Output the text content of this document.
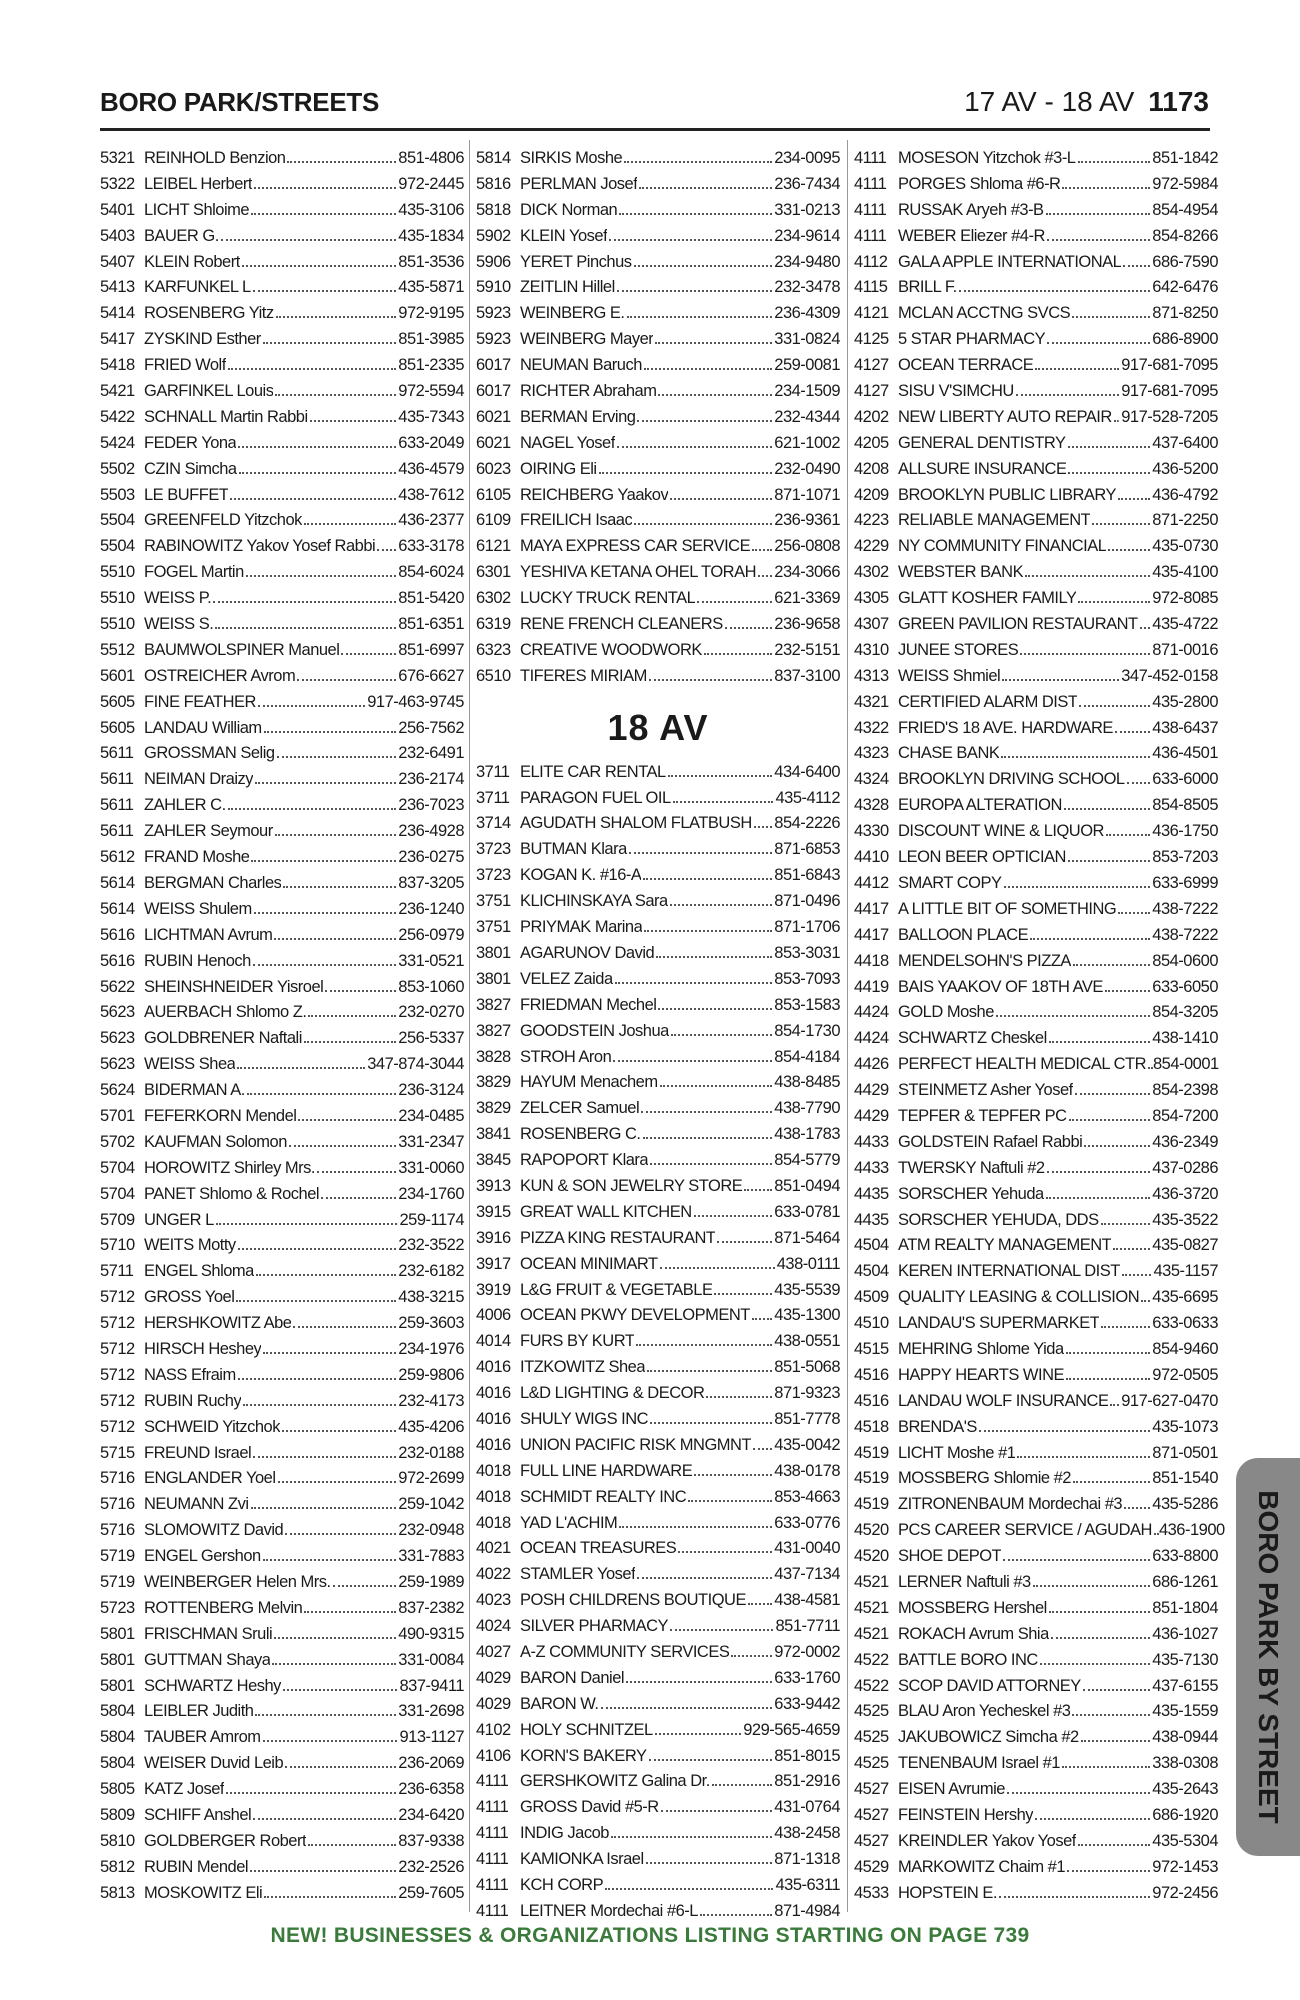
BORO PARK/STREETS	17 AV - 18 AV 1173
5321 REINHOLD Benzion	851-4806
5322 LEIBEL Herbert	972-2445
5401 LICHT Shloime	435-3106
5403 BAUER G.	435-1834
5407 KLEIN Robert	851-3536
5413 KARFUNKEL L	435-5871
5414 ROSENBERG Yitz	972-9195
5417 ZYSKIND Esther	851-3985
5418 FRIED Wolf	851-2335
5421 GARFINKEL Louis	972-5594
5422 SCHNALL Martin Rabbi	435-7343
5424 FEDER Yona	633-2049
5502 CZIN Simcha	436-4579
5503 LE BUFFET	438-7612
5504 GREENFELD Yitzchok	436-2377
5504 RABINOWITZ Yakov Yosef Rabbi 633-3178
5510 FOGEL Martin	854-6024
5510 WEISS P.	851-5420
5510 WEISS S.	851-6351
5512 BAUMWOLSPINER Manuel	851-6997
5601 OSTREICHER Avrom	676-6627
5605 FINE FEATHER	917-463-9745
5605 LANDAU William	256-7562
5611 GROSSMAN Selig	232-6491
5611 NEIMAN Draizy	236-2174
5611 ZAHLER C.	236-7023
5611 ZAHLER Seymour	236-4928
5612 FRAND Moshe	236-0275
5614 BERGMAN Charles	837-3205
5614 WEISS Shulem	236-1240
5616 LICHTMAN Avrum	256-0979
5616 RUBIN Henoch	331-0521
5622 SHEINSHNEIDER Yisroel	853-1060
5623 AUERBACH Shlomo Z.	232-0270
5623 GOLDBRENER Naftali	256-5337
5623 WEISS Shea	347-874-3044
5624 BIDERMAN A.	236-3124
5701 FEFERKORN Mendel	234-0485
5702 KAUFMAN Solomon	331-2347
5704 HOROWITZ Shirley Mrs.	331-0060
5704 PANET Shlomo & Rochel	234-1760
5709 UNGER L	259-1174
5710 WEITS Motty	232-3522
5711 ENGEL Shloma	232-6182
5712 GROSS Yoel	438-3215
5712 HERSHKOWITZ Abe	259-3603
5712 HIRSCH Heshey	234-1976
5712 NASS Efraim	259-9806
5712 RUBIN Ruchy	232-4173
5712 SCHWEID Yitzchok	435-4206
5715 FREUND Israel	232-0188
5716 ENGLANDER Yoel	972-2699
5716 NEUMANN Zvi	259-1042
5716 SLOMOWITZ David	232-0948
5719 ENGEL Gershon	331-7883
5719 WEINBERGER Helen Mrs.	259-1989
5723 ROTTENBERG Melvin	837-2382
5801 FRISCHMAN Sruli	490-9315
5801 GUTTMAN Shaya	331-0084
5801 SCHWARTZ Heshy	837-9411
5804 LEIBLER Judith	331-2698
5804 TAUBER Amrom	913-1127
5804 WEISER Duvid Leib	236-2069
5805 KATZ Josef	236-6358
5809 SCHIFF Anshel	234-6420
5810 GOLDBERGER Robert	837-9338
5812 RUBIN Mendel	232-2526
5813 MOSKOWITZ Eli	259-7605
5814 SIRKIS Moshe	234-0095
5816 PERLMAN Josef	236-7434
5818 DICK Norman	331-0213
5902 KLEIN Yosef	234-9614
5906 YERET Pinchus	234-9480
5910 ZEITLIN Hillel	232-3478
5923 WEINBERG E.	236-4309
5923 WEINBERG Mayer	331-0824
6017 NEUMAN Baruch	259-0081
6017 RICHTER Abraham	234-1509
6021 BERMAN Erving	232-4344
6021 NAGEL Yosef	621-1002
6023 OIRING Eli	232-0490
6105 REICHBERG Yaakov	871-1071
6109 FREILICH Isaac	236-9361
6121 MAYA EXPRESS CAR SERVICE 256-0808
6301 YESHIVA KETANA OHEL TORAH 234-3066
6302 LUCKY TRUCK RENTAL	621-3369
6319 RENE FRENCH CLEANERS	236-9658
6323 CREATIVE WOODWORK	232-5151
6510 TIFERES MIRIAM	837-3100
18 AV
3711 ELITE CAR RENTAL	434-6400
3711 PARAGON FUEL OIL	435-4112
3714 AGUDATH SHALOM FLATBUSH 854-2226
3723 BUTMAN Klara	871-6853
3723 KOGAN K. #16-A	851-6843
3751 KLICHINSKAYA Sara	871-0496
3751 PRIYMAK Marina	871-1706
3801 AGARUNOV David	853-3031
3801 VELEZ Zaida	853-7093
3827 FRIEDMAN Mechel	853-1583
3827 GOODSTEIN Joshua	854-1730
3828 STROH Aron	854-4184
3829 HAYUM Menachem	438-8485
3829 ZELCER Samuel	438-7790
3841 ROSENBERG C.	438-1783
3845 RAPOPORT Klara	854-5779
3913 KUN & SON JEWELRY STORE 851-0494
3915 GREAT WALL KITCHEN	633-0781
3916 PIZZA KING RESTAURANT	871-5464
3917 OCEAN MINIMART	438-0111
3919 L&G FRUIT & VEGETABLE	435-5539
4006 OCEAN PKWY DEVELOPMENT 435-1300
4014 FURS BY KURT	438-0551
4016 ITZKOWITZ Shea	851-5068
4016 L&D LIGHTING & DECOR	871-9323
4016 SHULY WIGS INC	851-7778
4016 UNION PACIFIC RISK MNGMNT 435-0042
4018 FULL LINE HARDWARE	438-0178
4018 SCHMIDT REALTY INC	853-4663
4018 YAD L'ACHIM	633-0776
4021 OCEAN TREASURES	431-0040
4022 STAMLER Yosef	437-7134
4023 POSH CHILDRENS BOUTIQUE 438-4581
4024 SILVER PHARMACY	851-7711
4027 A-Z COMMUNITY SERVICES	972-0002
4029 BARON Daniel	633-1760
4029 BARON W.	633-9442
4102 HOLY SCHNITZEL	929-565-4659
4106 KORN'S BAKERY	851-8015
4111 GERSHKOWITZ Galina Dr.	851-2916
4111 GROSS David #5-R	431-0764
4111 INDIG Jacob	438-2458
4111 KAMIONKA Israel	871-1318
4111 KCH CORP	435-6311
4111 LEITNER Mordechai #6-L	871-4984
4111 MOSESON Yitzchok #3-L	851-1842
4111 PORGES Shloma #6-R	972-5984
4111 RUSSAK Aryeh #3-B	854-4954
4111 WEBER Eliezer #4-R	854-8266
4112 GALA APPLE INTERNATIONAL 686-7590
4115 BRILL F.	642-6476
4121 MCLAN ACCTNG SVCS	871-8250
4125 5 STAR PHARMACY	686-8900
4127 OCEAN TERRACE	917-681-7095
4127 SISU V'SIMCHU	917-681-7095
4202 NEW LIBERTY AUTO REPAIR 917-528-7205
4205 GENERAL DENTISTRY	437-6400
4208 ALLSURE INSURANCE	436-5200
4209 BROOKLYN PUBLIC LIBRARY 436-4792
4223 RELIABLE MANAGEMENT	871-2250
4229 NY COMMUNITY FINANCIAL	435-0730
4302 WEBSTER BANK	435-4100
4305 GLATT KOSHER FAMILY	972-8085
4307 GREEN PAVILION RESTAURANT 435-4722
4310 JUNEE STORES	871-0016
4313 WEISS Shmiel	347-452-0158
4321 CERTIFIED ALARM DIST	435-2800
4322 FRIED'S 18 AVE. HARDWARE 438-6437
4323 CHASE BANK	436-4501
4324 BROOKLYN DRIVING SCHOOL 633-6000
4328 EUROPA ALTERATION	854-8505
4330 DISCOUNT WINE & LIQUOR	436-1750
4410 LEON BEER OPTICIAN	853-7203
4412 SMART COPY	633-6999
4417 A LITTLE BIT OF SOMETHING 438-7222
4417 BALLOON PLACE	438-7222
4418 MENDELSOHN'S PIZZA	854-0600
4419 BAIS YAAKOV OF 18TH AVE	633-6050
4424 GOLD Moshe	854-3205
4424 SCHWARTZ Cheskel	438-1410
4426 PERFECT HEALTH MEDICAL CTR 854-0001
4429 STEINMETZ Asher Yosef	854-2398
4429 TEPFER & TEPFER PC	854-7200
4433 GOLDSTEIN Rafael Rabbi	436-2349
4433 TWERSKY Naftuli #2	437-0286
4435 SORSCHER Yehuda	436-3720
4435 SORSCHER YEHUDA, DDS	435-3522
4504 ATM REALTY MANAGEMENT 435-0827
4504 KEREN INTERNATIONAL DIST 435-1157
4509 QUALITY LEASING & COLLISION 435-6695
4510 LANDAU'S SUPERMARKET	633-0633
4515 MEHRING Shlome Yida	854-9460
4516 HAPPY HEARTS WINE	972-0505
4516 LANDAU WOLF INSURANCE 917-627-0470
4518 BRENDA'S	435-1073
4519 LICHT Moshe #1	871-0501
4519 MOSSBERG Shlomie #2	851-1540
4519 ZITRONENBAUM Mordechai #3 435-5286
4520 PCS CAREER SERVICE / AGUDAH 436-1900
4520 SHOE DEPOT	633-8800
4521 LERNER Naftuli #3	686-1261
4521 MOSSBERG Hershel	851-1804
4521 ROKACH Avrum Shia	436-1027
4522 BATTLE BORO INC	435-7130
4522 SCOP DAVID ATTORNEY	437-6155
4525 BLAU Aron Yecheskel #3	435-1559
4525 JAKUBOWICZ Simcha #2	438-0944
4525 TENENBAUM Israel #1	338-0308
4527 EISEN Avrumie	435-2643
4527 FEINSTEIN Hershy	686-1920
4527 KREINDLER Yakov Yosef	435-5304
4529 MARKOWITZ Chaim #1	972-1453
4533 HOPSTEIN E.	972-2456
BORO PARK BY STREET
NEW! BUSINESSES & ORGANIZATIONS LISTING STARTING ON PAGE 739
